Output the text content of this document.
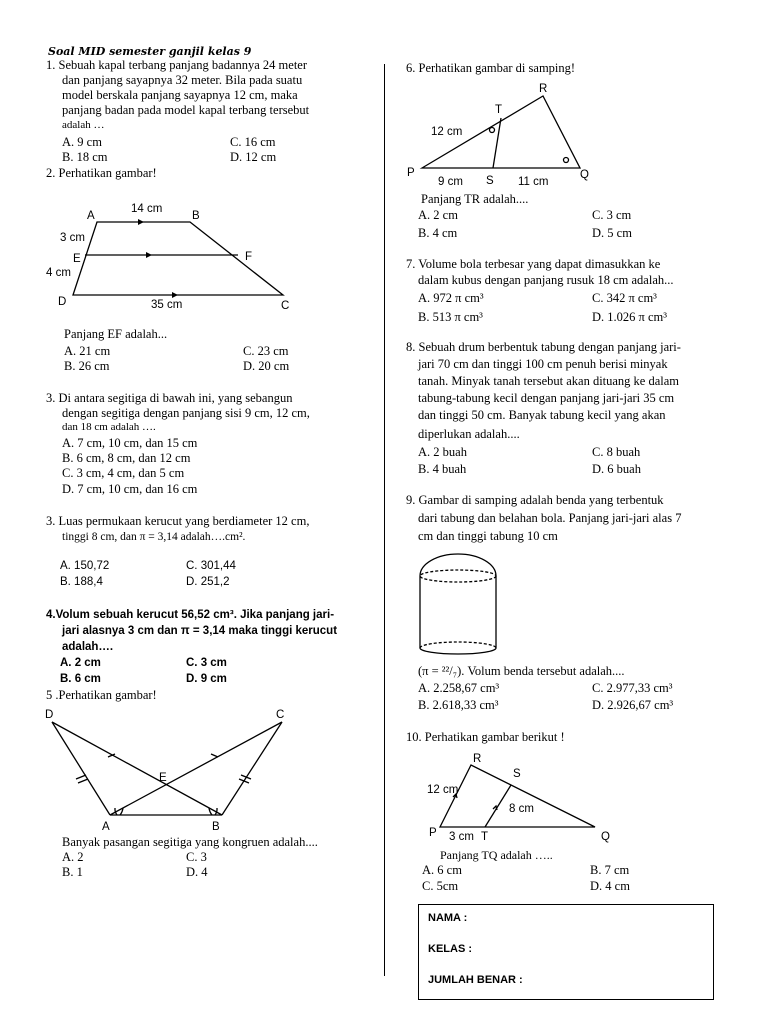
Soal MID semester ganjil kelas 9
1. Sebuah kapal terbang panjang badannya 24 meter
dan panjang sayapnya 32 meter. Bila pada suatu
model berskala panjang sayapnya 12 cm, maka
panjang badan pada model kapal terbang tersebut
adalah …
A. 9 cm	C. 16 cm
B. 18 cm	D. 12 cm
2. Perhatikan gambar!
A	B
C
D
E	F
14 cm
3 cm
4 cm
35 cm
Panjang EF adalah...
A. 21 cm	C. 23 cm
B. 26 cm	D. 20 cm
3. Di antara segitiga di bawah ini, yang sebangun
dengan segitiga dengan panjang sisi 9 cm, 12 cm,
dan 18 cm adalah ….
A. 7 cm, 10 cm, dan 15 cm
B. 6 cm, 8 cm, dan 12 cm
C. 3 cm, 4 cm, dan 5 cm
D. 7 cm, 10 cm, dan 16 cm
3. Luas permukaan kerucut yang berdiameter 12 cm,
tinggi 8 cm, dan π = 3,14 adalah….cm².
A. 150,72	C. 301,44
B. 188,4	D. 251,2
4.Volum sebuah kerucut 56,52 cm³. Jika panjang jari-
jari alasnya 3 cm dan π = 3,14 maka tinggi kerucut
adalah….
A. 2 cm	C. 3 cm
B. 6 cm	D. 9 cm
5 .Perhatikan gambar!
D	C
E
A	B
Banyak pasangan segitiga yang kongruen adalah....
A. 2	C. 3
B. 1	D. 4
6. Perhatikan gambar di samping!
R
T
P
S	Q
12 cm
9 cm	11 cm
Panjang TR adalah....
A. 2 cm	C. 3 cm
B. 4 cm	D. 5 cm
7. Volume bola terbesar yang dapat dimasukkan ke
dalam kubus dengan panjang rusuk 18 cm adalah...
A. 972 π cm³	C. 342 π cm³
B. 513 π cm³	D. 1.026 π cm³
8. Sebuah drum berbentuk tabung dengan panjang jari-
jari 70 cm dan tinggi 100 cm penuh berisi minyak
tanah. Minyak tanah tersebut akan dituang ke dalam
tabung-tabung kecil dengan panjang jari-jari 35 cm
dan tinggi 50 cm. Banyak tabung kecil yang akan
diperlukan adalah....
A. 2 buah	C. 8 buah
B. 4 buah	D. 6 buah
9. Gambar di samping adalah benda yang terbentuk
dari tabung dan belahan bola. Panjang jari-jari alas 7
cm dan tinggi tabung 10 cm
(π = ²²/₇). Volum benda tersebut adalah....
A. 2.258,67 cm³	C. 2.977,33 cm³
B. 2.618,33 cm³	D. 2.926,67 cm³
10. Perhatikan gambar berikut !
R
S
P	T	Q
12 cm
8 cm
3 cm
Panjang TQ adalah …..
A. 6 cm	B. 7 cm
C. 5cm	D. 4 cm
NAMA :
KELAS :
JUMLAH BENAR :
